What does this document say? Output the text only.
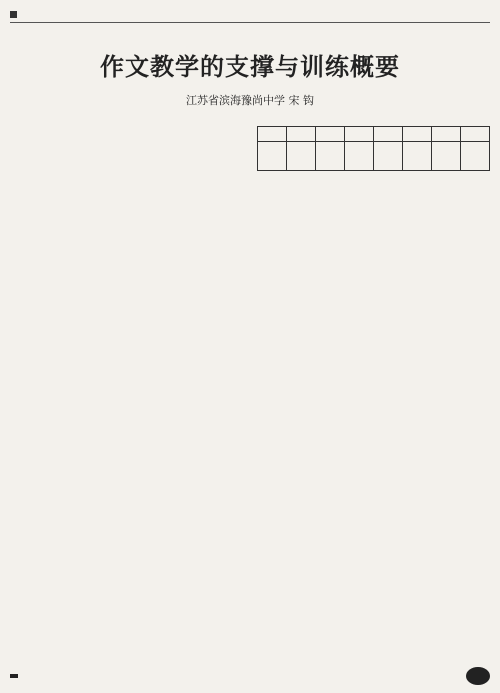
作文教学的支撑与训练概要
江苏省滨海豫尚中学 宋 钩
